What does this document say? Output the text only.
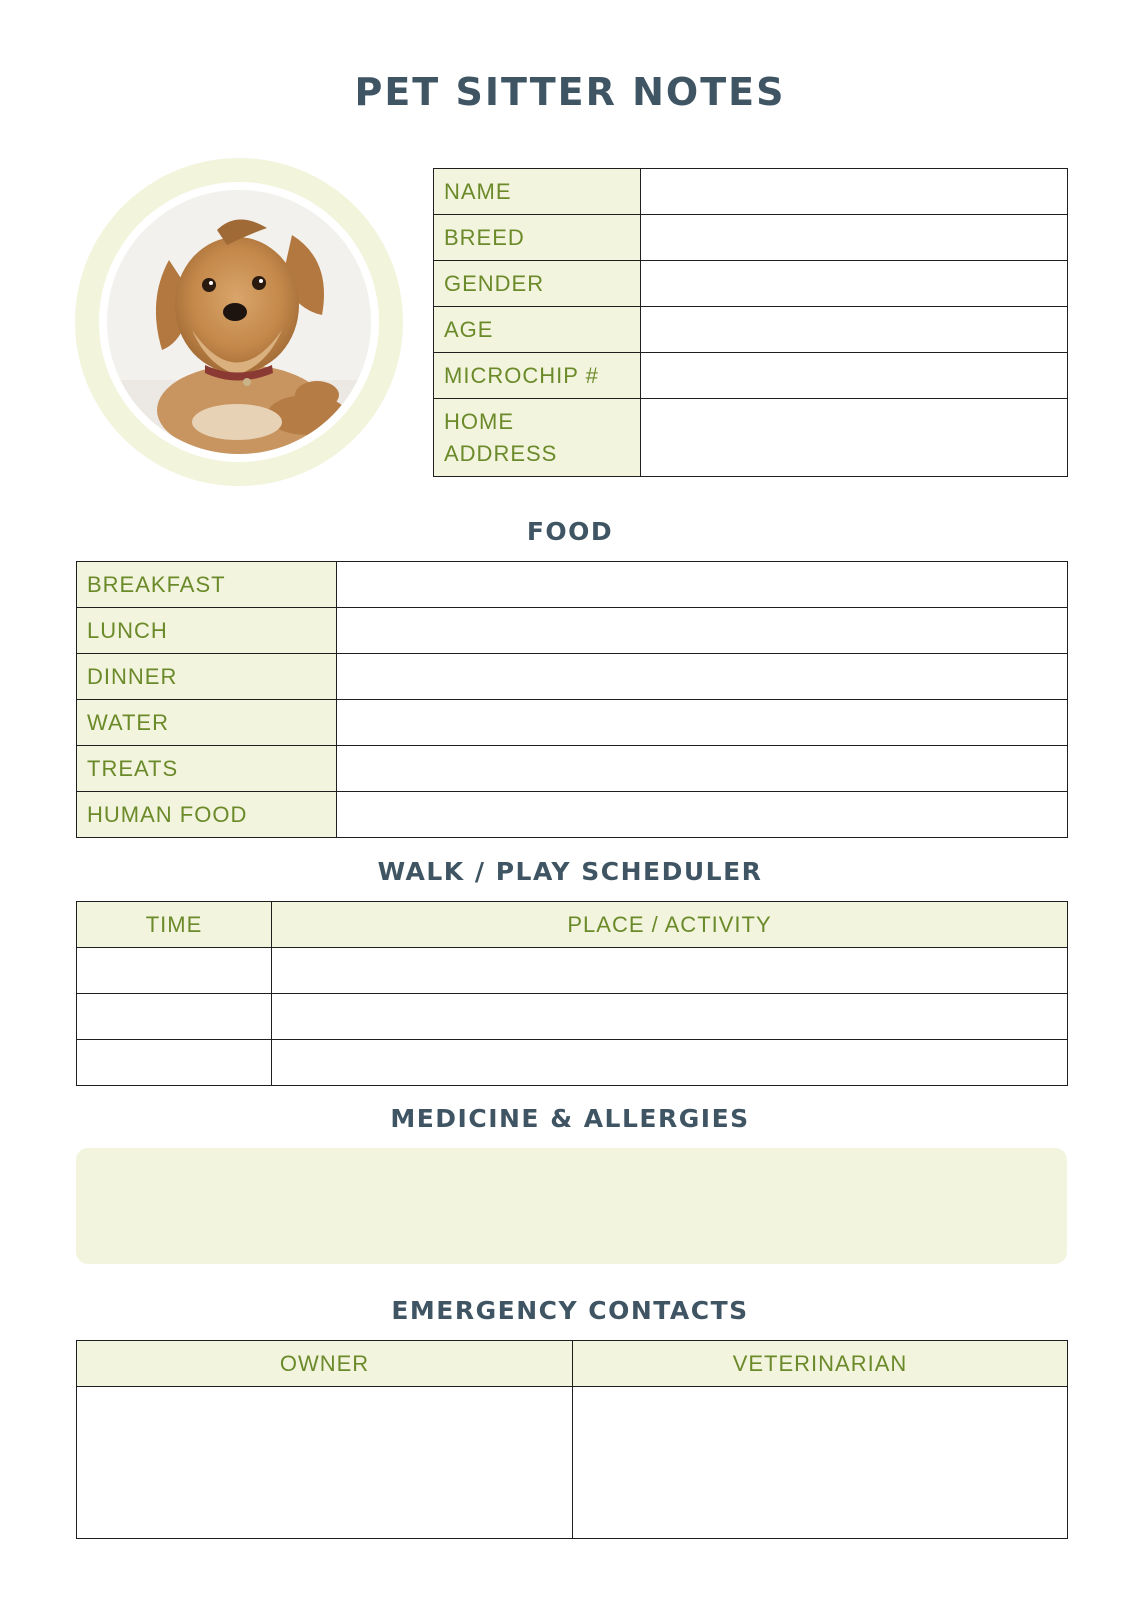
PET SITTER NOTES
NAME	
BREED	
GENDER	
AGE	
MICROCHIP #	
HOME
ADDRESS	
FOOD
BREAKFAST	
LUNCH	
DINNER	
WATER	
TREATS	
HUMAN FOOD	
WALK / PLAY SCHEDULER
TIME	PLACE / ACTIVITY

MEDICINE & ALLERGIES
EMERGENCY CONTACTS
OWNER	VETERINARIAN
